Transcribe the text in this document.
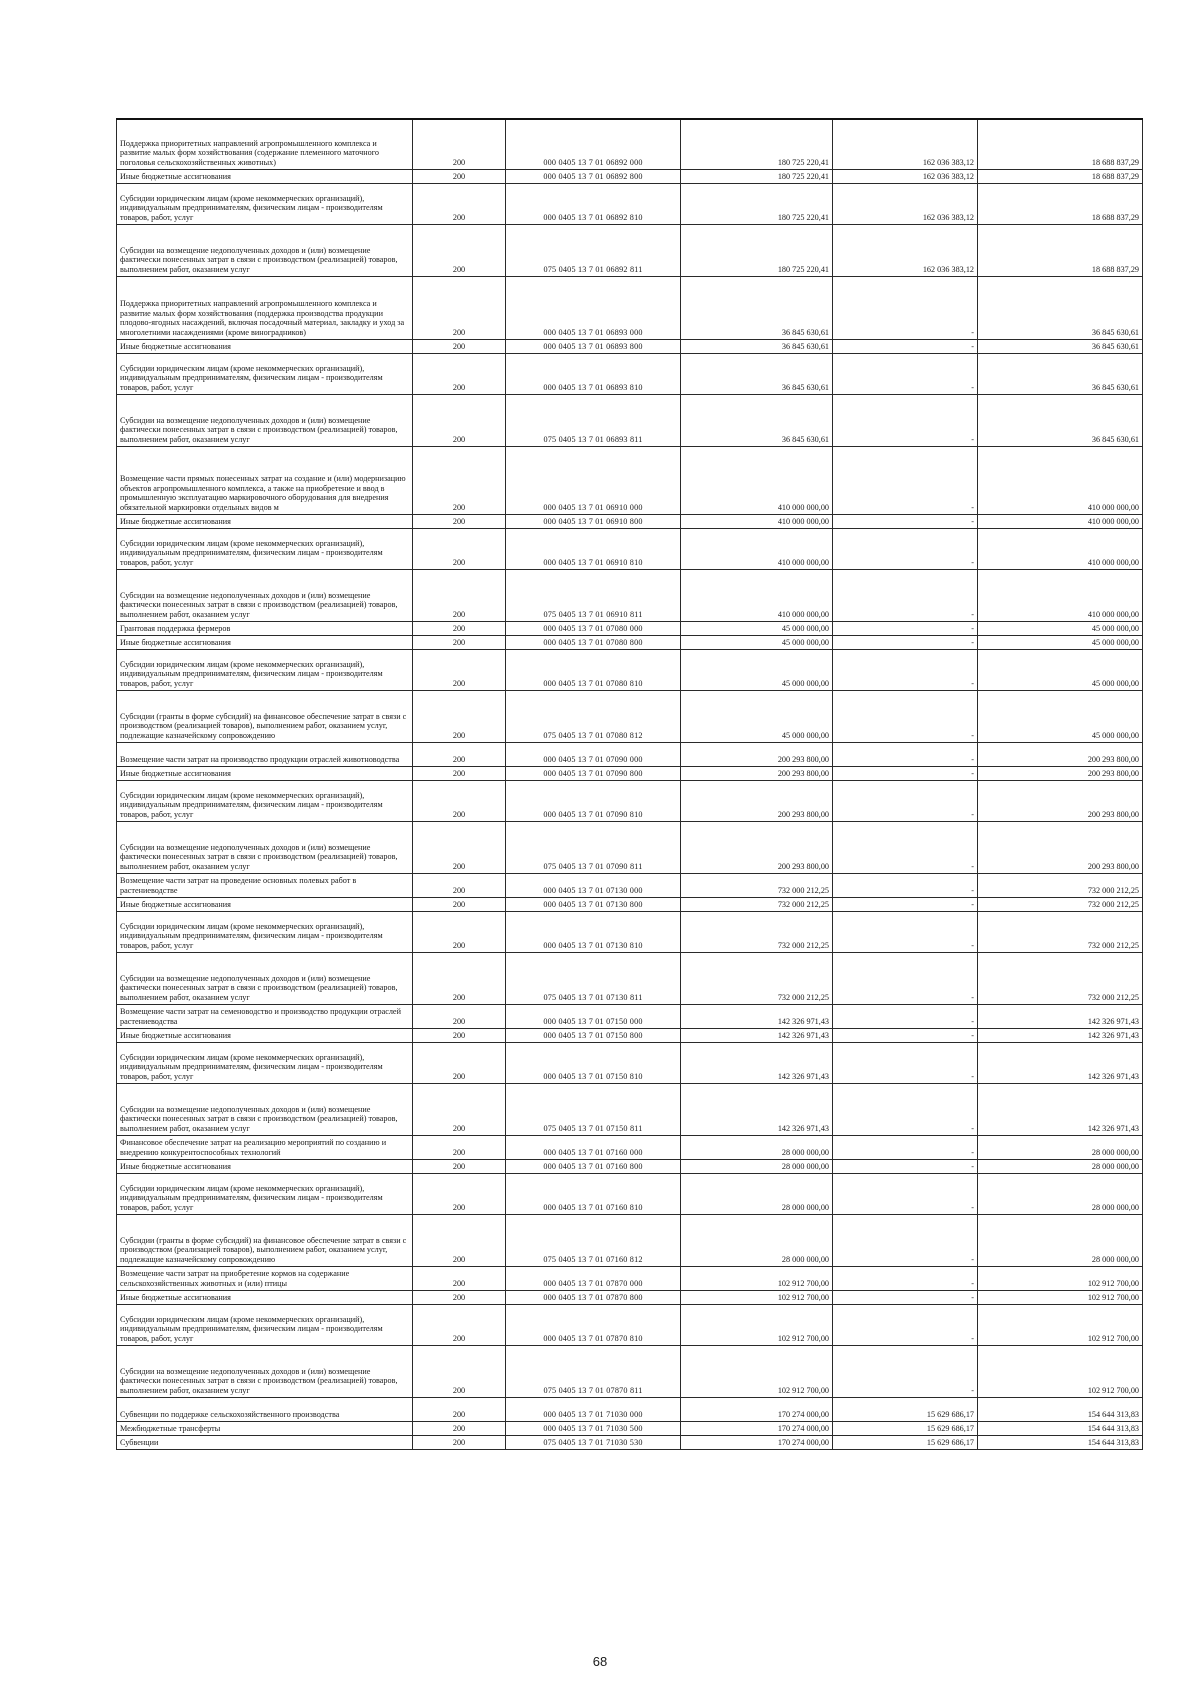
Поддержка приоритетных направлений агропромышленного комплекса и развитие малых форм хозяйствования (содержание племенного маточного поголовья сельскохозяйственных животных)	200	000 0405 13 7 01 06892 000	180 725 220,41	162 036 383,12	18 688 837,29
Иные бюджетные ассигнования	200	000 0405 13 7 01 06892 800	180 725 220,41	162 036 383,12	18 688 837,29
Субсидии юридическим лицам (кроме некоммерческих организаций), индивидуальным предпринимателям, физическим лицам - производителям товаров, работ, услуг	200	000 0405 13 7 01 06892 810	180 725 220,41	162 036 383,12	18 688 837,29
Субсидии на возмещение недополученных доходов и (или) возмещение фактически понесенных затрат в связи с производством (реализацией) товаров, выполнением работ, оказанием услуг	200	075 0405 13 7 01 06892 811	180 725 220,41	162 036 383,12	18 688 837,29
Поддержка приоритетных направлений агропромышленного комплекса и развитие малых форм хозяйствования (поддержка производства продукции плодово-ягодных насаждений, включая посадочный материал, закладку и уход за многолетними насаждениями (кроме виноградников)	200	000 0405 13 7 01 06893 000	36 845 630,61	-	36 845 630,61
Иные бюджетные ассигнования	200	000 0405 13 7 01 06893 800	36 845 630,61	-	36 845 630,61
Субсидии юридическим лицам (кроме некоммерческих организаций), индивидуальным предпринимателям, физическим лицам - производителям товаров, работ, услуг	200	000 0405 13 7 01 06893 810	36 845 630,61	-	36 845 630,61
Субсидии на возмещение недополученных доходов и (или) возмещение фактически понесенных затрат в связи с производством (реализацией) товаров, выполнением работ, оказанием услуг	200	075 0405 13 7 01 06893 811	36 845 630,61	-	36 845 630,61
Возмещение части прямых понесенных затрат на создание и (или) модернизацию объектов агропромышленного комплекса, а также на приобретение и ввод в промышленную эксплуатацию маркировочного оборудования для внедрения обязательной маркировки отдельных видов м	200	000 0405 13 7 01 06910 000	410 000 000,00	-	410 000 000,00
Иные бюджетные ассигнования	200	000 0405 13 7 01 06910 800	410 000 000,00	-	410 000 000,00
Субсидии юридическим лицам (кроме некоммерческих организаций), индивидуальным предпринимателям, физическим лицам - производителям товаров, работ, услуг	200	000 0405 13 7 01 06910 810	410 000 000,00	-	410 000 000,00
Субсидии на возмещение недополученных доходов и (или) возмещение фактически понесенных затрат в связи с производством (реализацией) товаров, выполнением работ, оказанием услуг	200	075 0405 13 7 01 06910 811	410 000 000,00	-	410 000 000,00
Грантовая поддержка фермеров	200	000 0405 13 7 01 07080 000	45 000 000,00	-	45 000 000,00
Иные бюджетные ассигнования	200	000 0405 13 7 01 07080 800	45 000 000,00	-	45 000 000,00
Субсидии юридическим лицам (кроме некоммерческих организаций), индивидуальным предпринимателям, физическим лицам - производителям товаров, работ, услуг	200	000 0405 13 7 01 07080 810	45 000 000,00	-	45 000 000,00
Субсидии (гранты в форме субсидий) на финансовое обеспечение затрат в связи с производством (реализацией товаров), выполнением работ, оказанием услуг, подлежащие казначейскому сопровождению	200	075 0405 13 7 01 07080 812	45 000 000,00	-	45 000 000,00
Возмещение части затрат на производство продукции отраслей животноводства	200	000 0405 13 7 01 07090 000	200 293 800,00	-	200 293 800,00
Иные бюджетные ассигнования	200	000 0405 13 7 01 07090 800	200 293 800,00	-	200 293 800,00
Субсидии юридическим лицам (кроме некоммерческих организаций), индивидуальным предпринимателям, физическим лицам - производителям товаров, работ, услуг	200	000 0405 13 7 01 07090 810	200 293 800,00	-	200 293 800,00
Субсидии на возмещение недополученных доходов и (или) возмещение фактически понесенных затрат в связи с производством (реализацией) товаров, выполнением работ, оказанием услуг	200	075 0405 13 7 01 07090 811	200 293 800,00	-	200 293 800,00
Возмещение части затрат на проведение основных полевых работ в растениеводстве	200	000 0405 13 7 01 07130 000	732 000 212,25	-	732 000 212,25
Иные бюджетные ассигнования	200	000 0405 13 7 01 07130 800	732 000 212,25	-	732 000 212,25
Субсидии юридическим лицам (кроме некоммерческих организаций), индивидуальным предпринимателям, физическим лицам - производителям товаров, работ, услуг	200	000 0405 13 7 01 07130 810	732 000 212,25	-	732 000 212,25
Субсидии на возмещение недополученных доходов и (или) возмещение фактически понесенных затрат в связи с производством (реализацией) товаров, выполнением работ, оказанием услуг	200	075 0405 13 7 01 07130 811	732 000 212,25	-	732 000 212,25
Возмещение части затрат на семеноводство и производство продукции отраслей растениеводства	200	000 0405 13 7 01 07150 000	142 326 971,43	-	142 326 971,43
Иные бюджетные ассигнования	200	000 0405 13 7 01 07150 800	142 326 971,43	-	142 326 971,43
Субсидии юридическим лицам (кроме некоммерческих организаций), индивидуальным предпринимателям, физическим лицам - производителям товаров, работ, услуг	200	000 0405 13 7 01 07150 810	142 326 971,43	-	142 326 971,43
Субсидии на возмещение недополученных доходов и (или) возмещение фактически понесенных затрат в связи с производством (реализацией) товаров, выполнением работ, оказанием услуг	200	075 0405 13 7 01 07150 811	142 326 971,43	-	142 326 971,43
Финансовое обеспечение затрат на реализацию мероприятий по созданию и внедрению конкурентоспособных технологий	200	000 0405 13 7 01 07160 000	28 000 000,00	-	28 000 000,00
Иные бюджетные ассигнования	200	000 0405 13 7 01 07160 800	28 000 000,00	-	28 000 000,00
Субсидии юридическим лицам (кроме некоммерческих организаций), индивидуальным предпринимателям, физическим лицам - производителям товаров, работ, услуг	200	000 0405 13 7 01 07160 810	28 000 000,00	-	28 000 000,00
Субсидии (гранты в форме субсидий) на финансовое обеспечение затрат в связи с производством (реализацией товаров), выполнением работ, оказанием услуг, подлежащие казначейскому сопровождению	200	075 0405 13 7 01 07160 812	28 000 000,00	-	28 000 000,00
Возмещение части затрат на приобретение кормов на содержание сельскохозяйственных животных и (или) птицы	200	000 0405 13 7 01 07870 000	102 912 700,00	-	102 912 700,00
Иные бюджетные ассигнования	200	000 0405 13 7 01 07870 800	102 912 700,00	-	102 912 700,00
Субсидии юридическим лицам (кроме некоммерческих организаций), индивидуальным предпринимателям, физическим лицам - производителям товаров, работ, услуг	200	000 0405 13 7 01 07870 810	102 912 700,00	-	102 912 700,00
Субсидии на возмещение недополученных доходов и (или) возмещение фактически понесенных затрат в связи с производством (реализацией) товаров, выполнением работ, оказанием услуг	200	075 0405 13 7 01 07870 811	102 912 700,00	-	102 912 700,00
Субвенции по поддержке сельскохозяйственного производства	200	000 0405 13 7 01 71030 000	170 274 000,00	15 629 686,17	154 644 313,83
Межбюджетные трансферты	200	000 0405 13 7 01 71030 500	170 274 000,00	15 629 686,17	154 644 313,83
Субвенции	200	075 0405 13 7 01 71030 530	170 274 000,00	15 629 686,17	154 644 313,83
68
